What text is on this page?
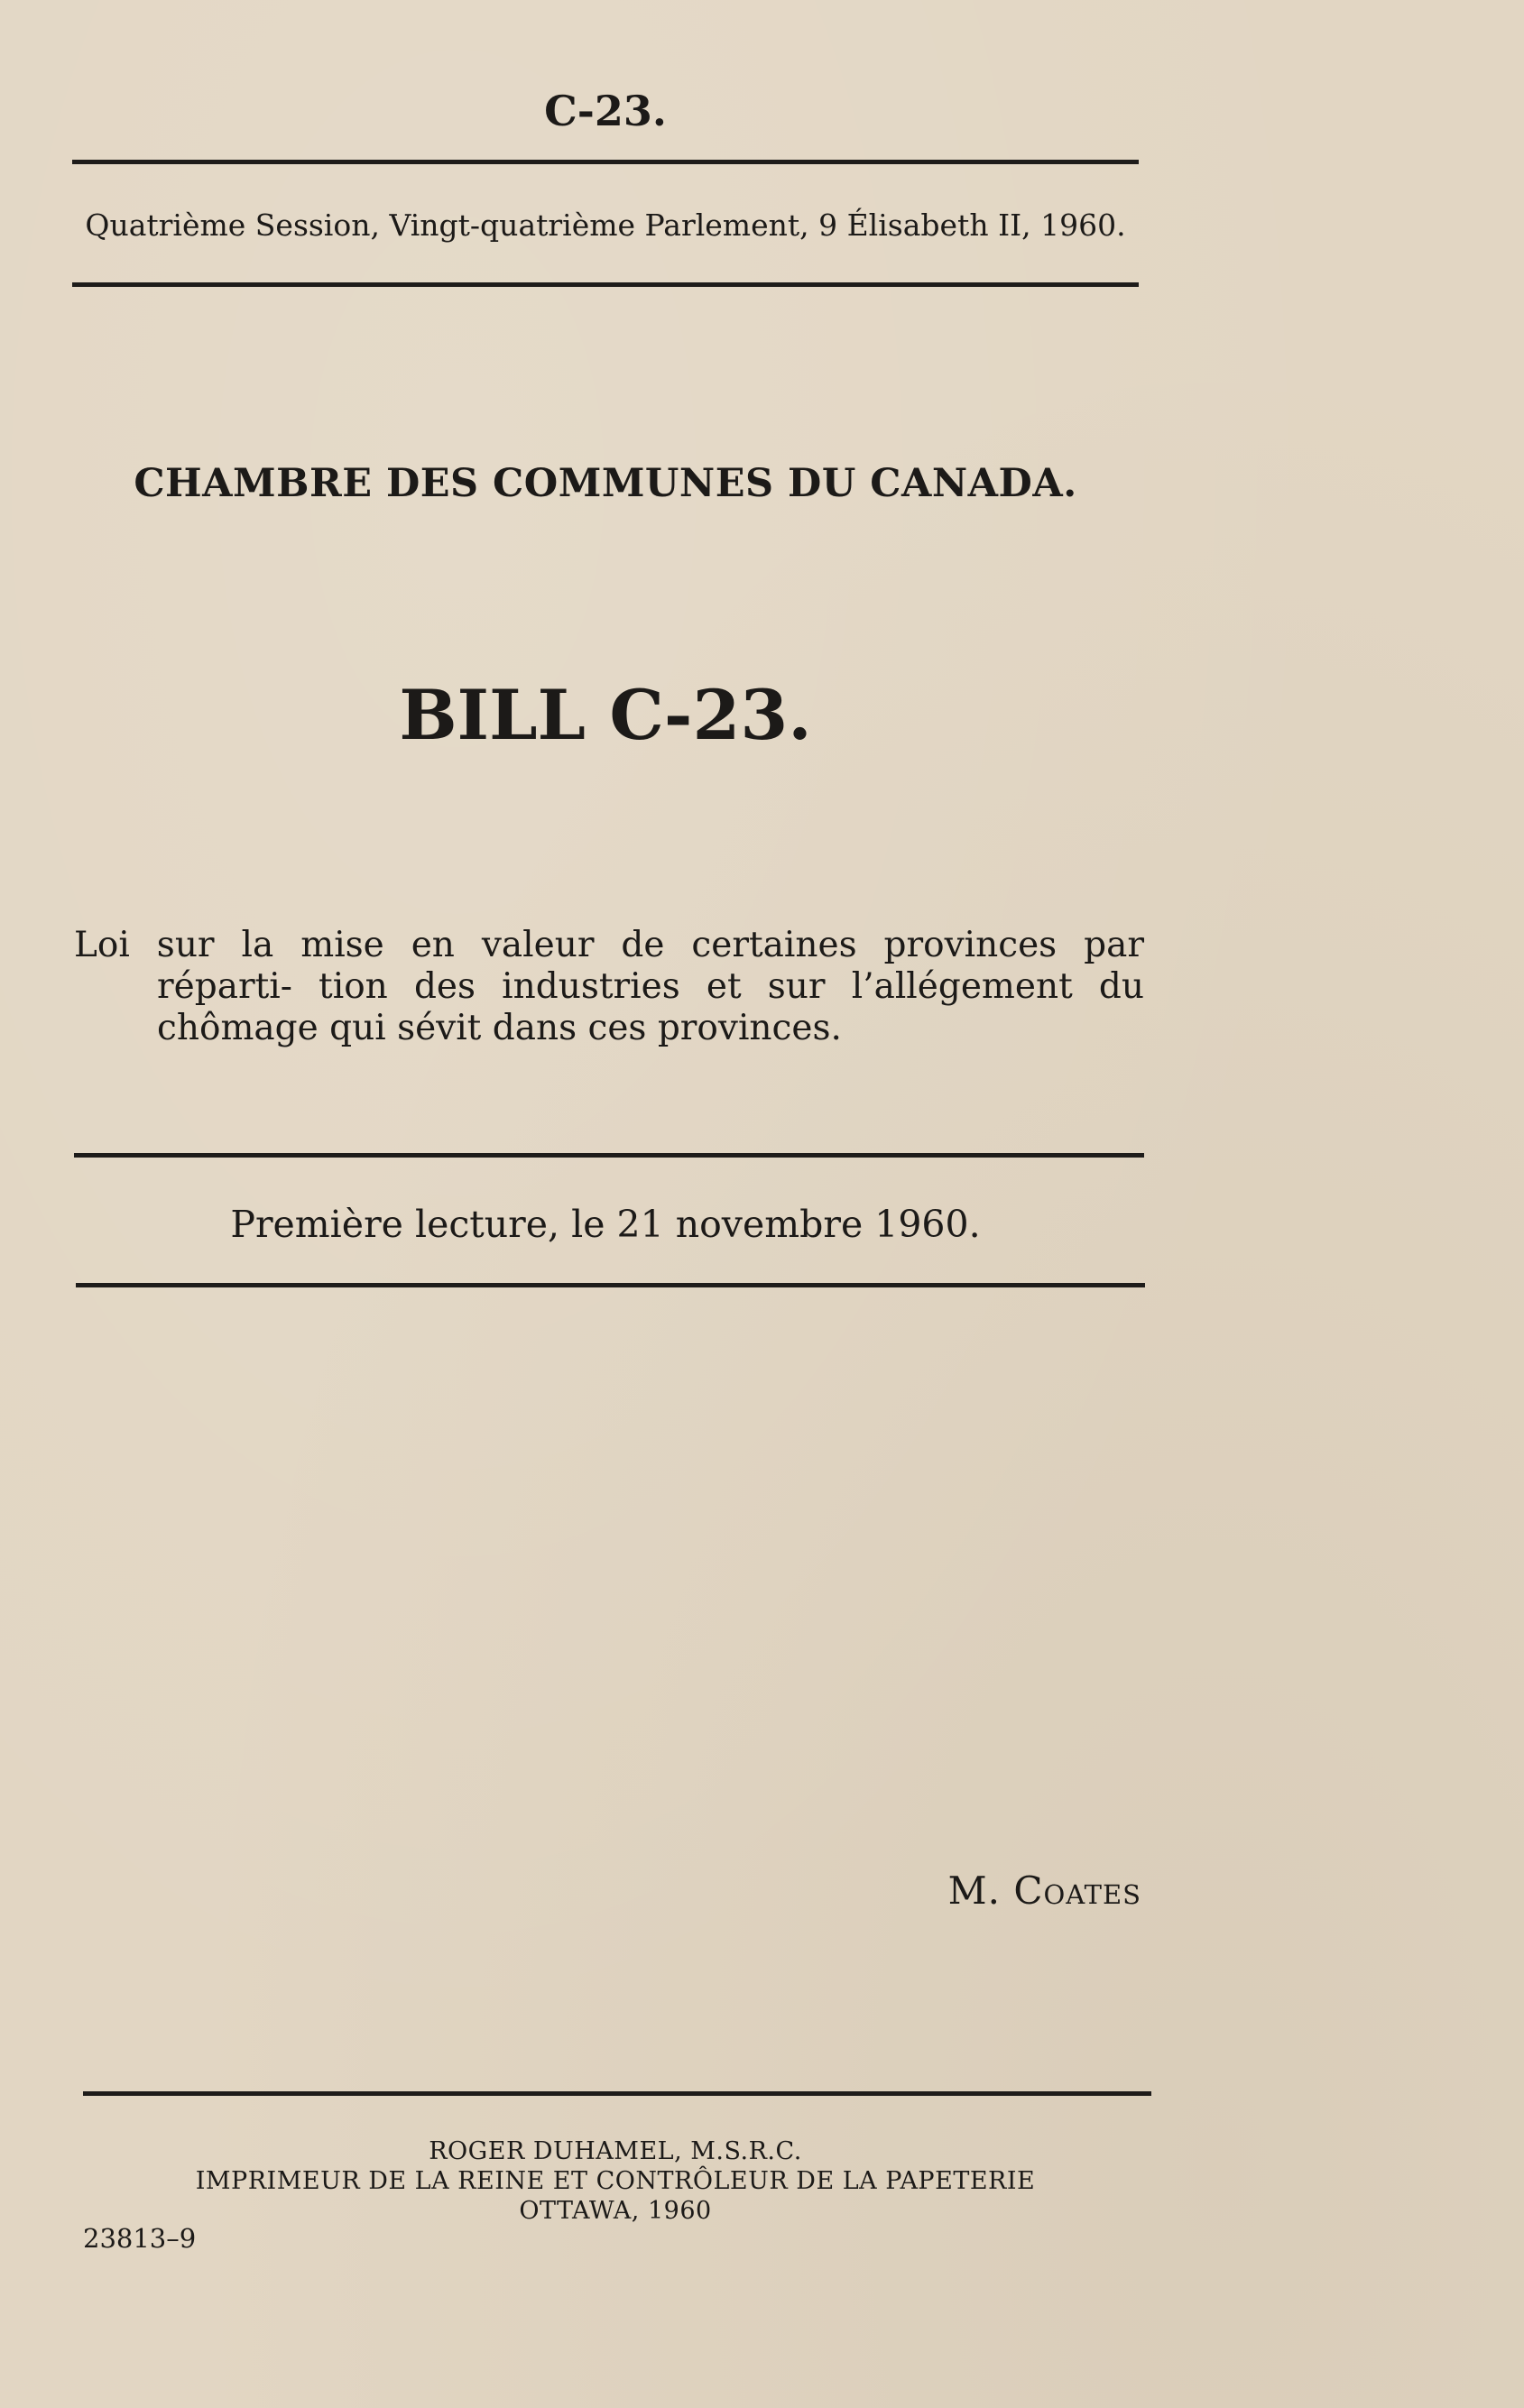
C-23.
Quatrième Session, Vingt-quatrième Parlement, 9 Élisabeth II, 1960.
CHAMBRE DES COMMUNES DU CANADA.
BILL C-23.
Loi sur la mise en valeur de certaines provinces par réparti- tion des industries et sur l’allégement du chômage qui sévit dans ces provinces.
Première lecture, le 21 novembre 1960.
M. Coates
ROGER DUHAMEL, M.S.R.C.
IMPRIMEUR DE LA REINE ET CONTRÔLEUR DE LA PAPETERIE
OTTAWA, 1960
23813–9
